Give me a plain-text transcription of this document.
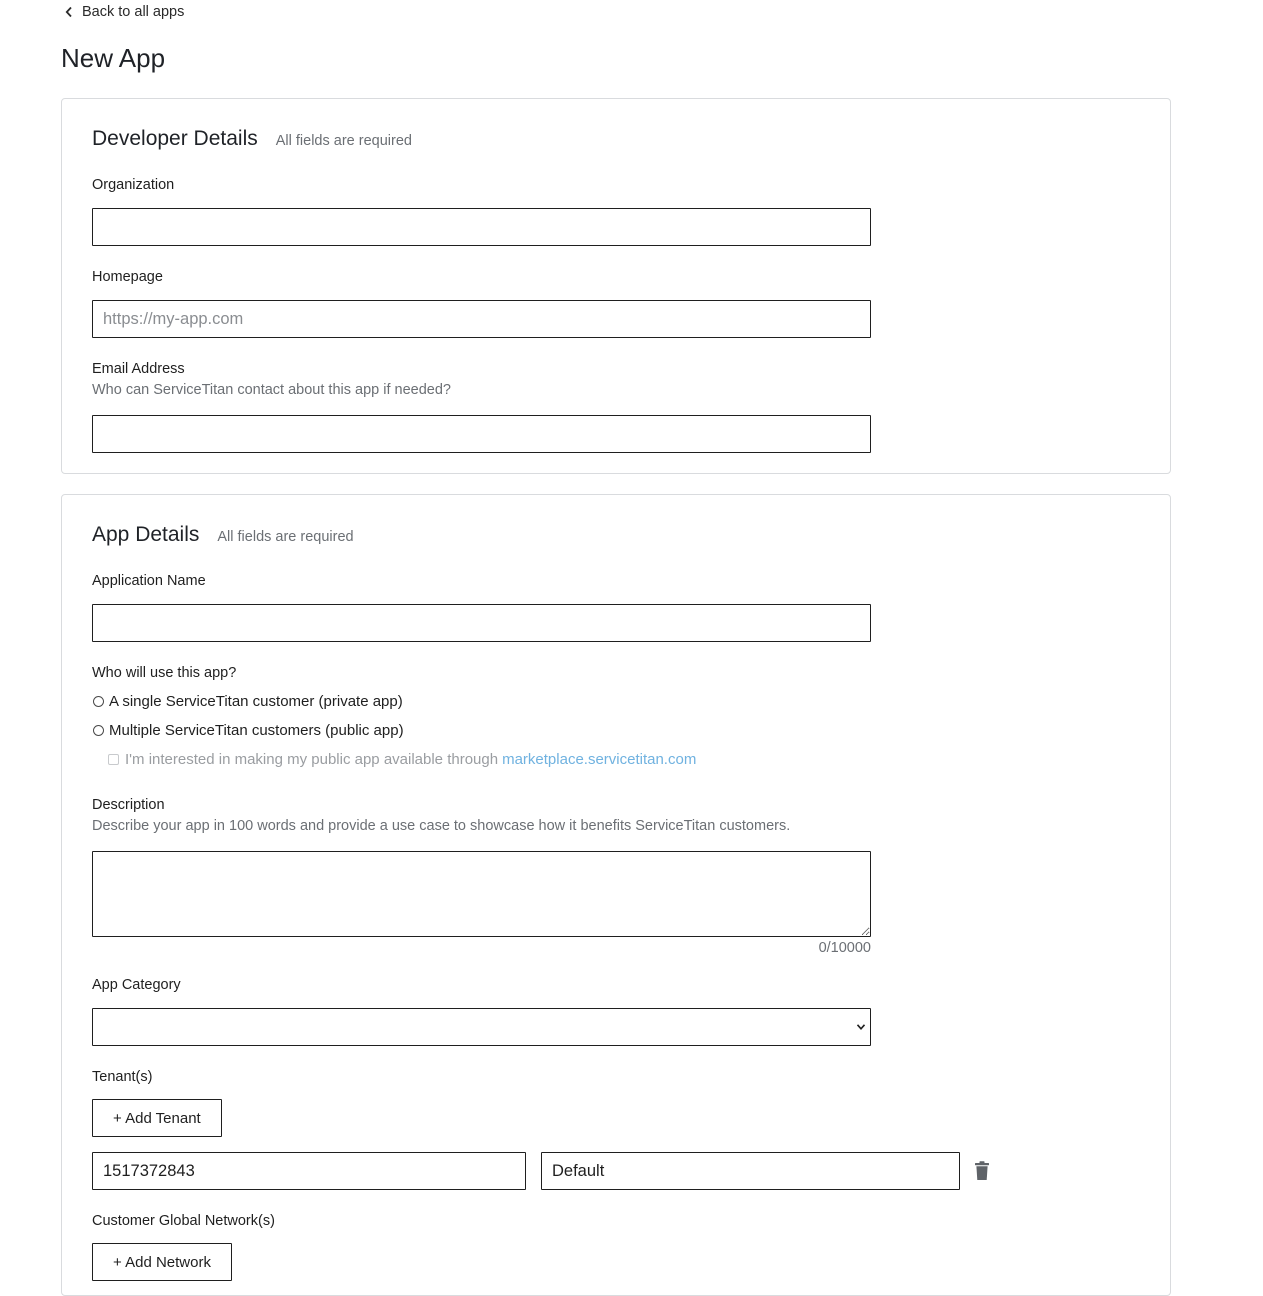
Back to all apps
New App
Developer Details All fields are required
Organization
Homepage
https://my-app.com
Email Address
Who can ServiceTitan contact about this app if needed?
App Details All fields are required
Application Name
Who will use this app?
A single ServiceTitan customer (private app)
Multiple ServiceTitan customers (public app)
I'm interested in making my public app available through marketplace.servicetitan.com
Description
Describe your app in 100 words and provide a use case to showcase how it benefits ServiceTitan customers.
0/10000
App Category
Tenant(s)
+ Add Tenant
1517372843
Default
Customer Global Network(s)
+ Add Network
